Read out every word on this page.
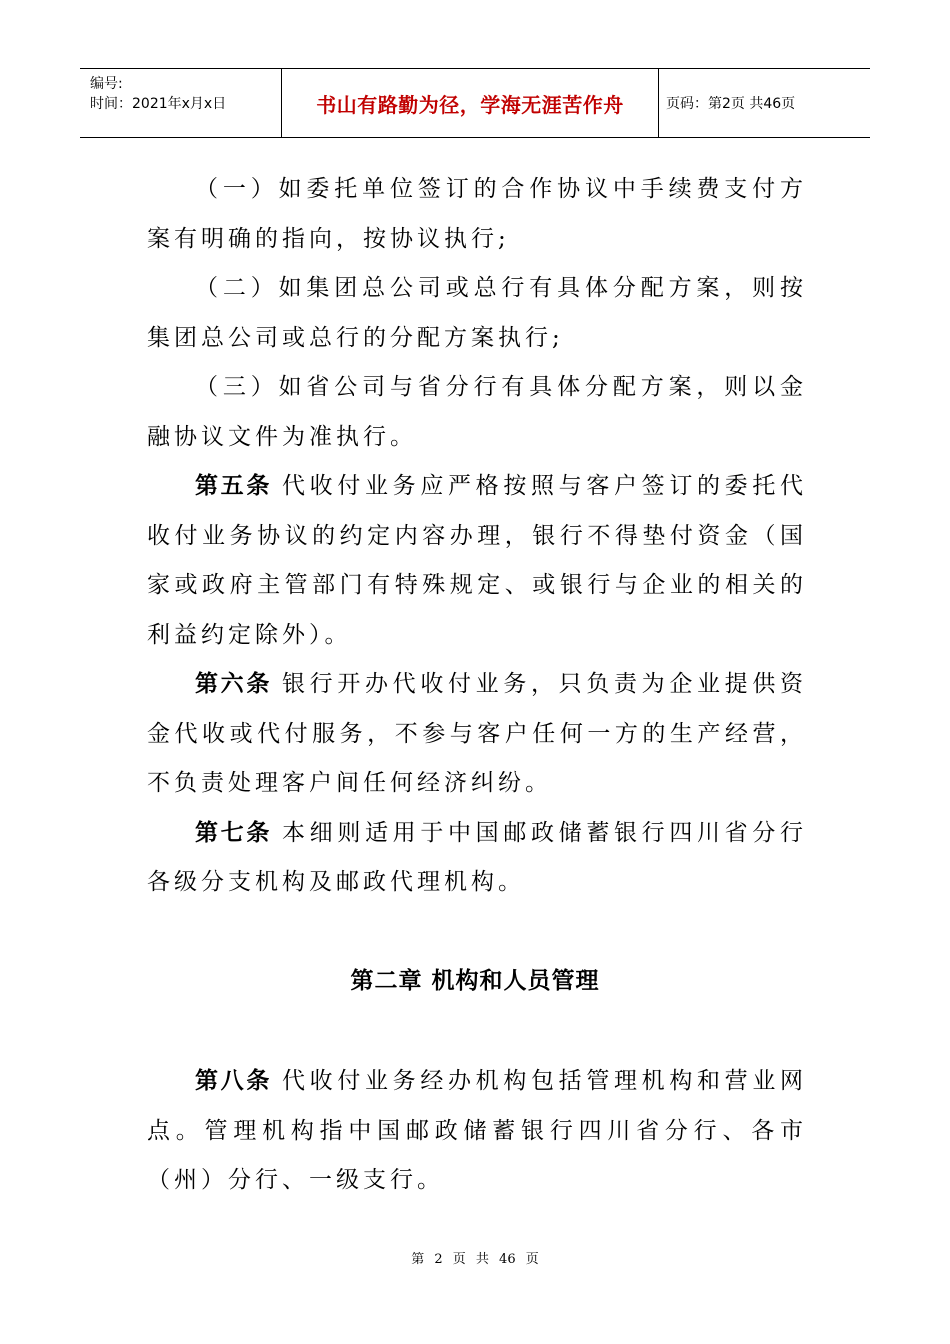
编号:
时间：2021年x月x日	书山有路勤为径，学海无涯苦作舟	页码：第2页 共46页

（一）如委托单位签订的合作协议中手续费支付方案有明确的指向，按协议执行;

（二）如集团总公司或总行有具体分配方案，则按集团总公司或总行的分配方案执行;

（三）如省公司与省分行有具体分配方案，则以金融协议文件为准执行。

第五条 代收付业务应严格按照与客户签订的委托代收付业务协议的约定内容办理，银行不得垫付资金（国家或政府主管部门有特殊规定、或银行与企业的相关的利益约定除外）。

第六条 银行开办代收付业务，只负责为企业提供资金代收或代付服务，不参与客户任何一方的生产经营，不负责处理客户间任何经济纠纷。

第七条 本细则适用于中国邮政储蓄银行四川省分行各级分支机构及邮政代理机构。

第二章 机构和人员管理

第八条 代收付业务经办机构包括管理机构和营业网点。管理机构指中国邮政储蓄银行四川省分行、各市（州）分行、一级支行。

第 2 页 共 46 页
